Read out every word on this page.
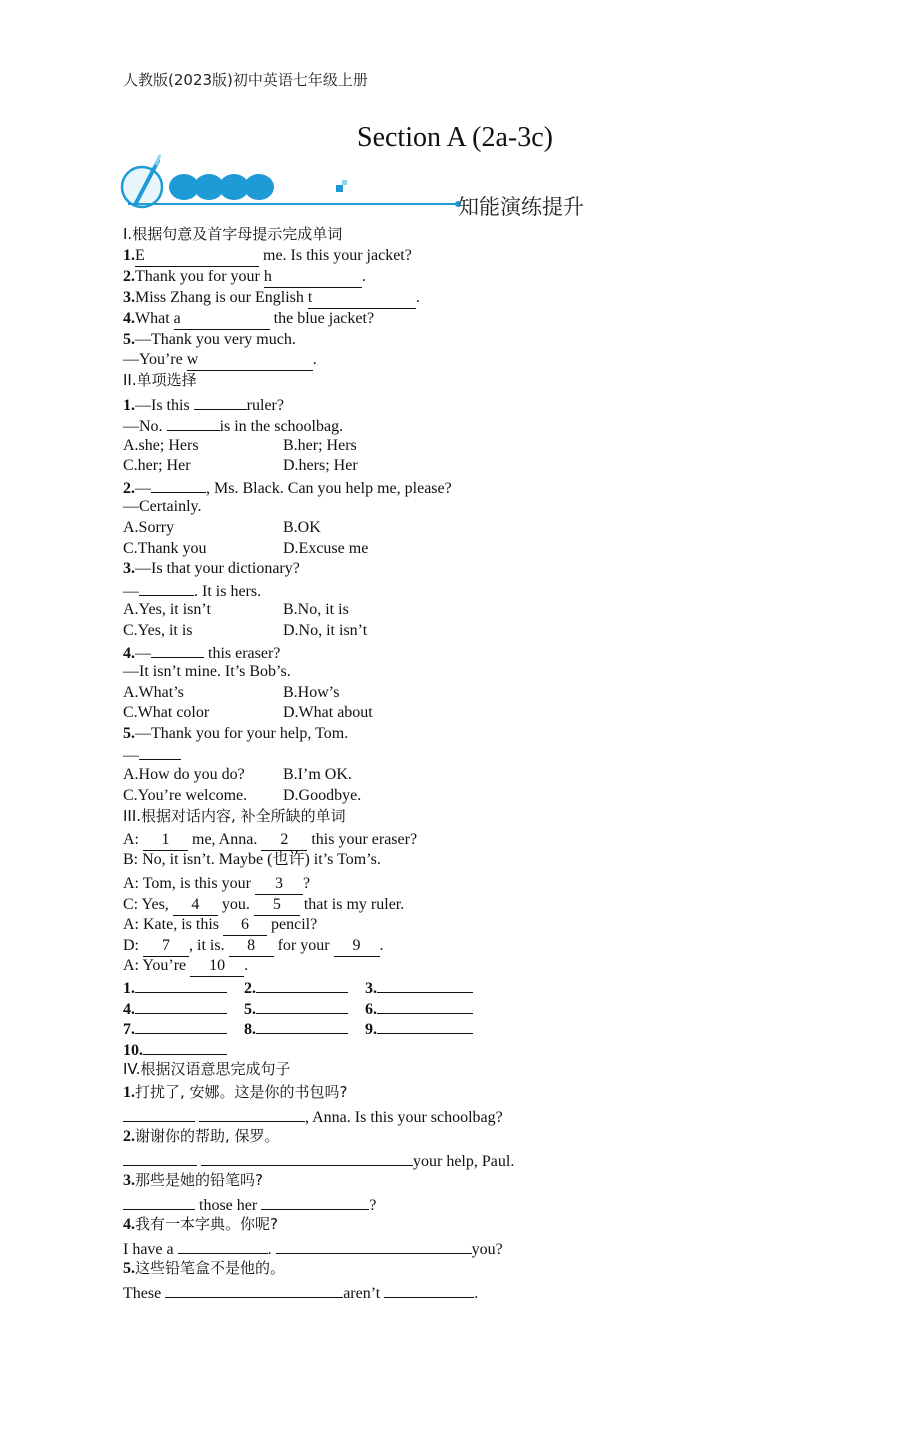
人教版(2023版)初中英语七年级上册
Section A (2a-3c)
知能演练提升
I.根据句意及首字母提示完成单词
1.E	me. Is this your jacket?
2.Thank you for your h	.
3.Miss Zhang is our English t	.
4.What a	the blue jacket?
5.—Thank you very much.
—You’re w	.
II.单项选择
1.—Is this	ruler?
—No.	is in the schoolbag.
A.she; Hers	B.her; Hers
C.her; Her	D.hers; Her
2.—	, Ms. Black. Can you help me, please?
—Certainly.
A.Sorry	B.OK
C.Thank you	D.Excuse me
3.—Is that your dictionary?
—	. It is hers.
A.Yes, it isn’t	B.No, it is
C.Yes, it is	D.No, it isn’t
4.—	this eraser?
—It isn’t mine. It’s Bob’s.
A.What’s	B.How’s
C.What color	D.What about
5.—Thank you for your help, Tom.
—
A.How do you do? B.I’m OK.
C.You’re welcome. D.Goodbye.
III.根据对话内容, 补全所缺的单词
A: 1 me, Anna. 2 this your eraser?
B: No, it isn’t. Maybe (也许) it’s Tom’s.
A: Tom, is this your 3 ?
C: Yes, 4 you. 5 that is my ruler.
A: Kate, is this 6 pencil?
D: 7 , it is. 8 for your 9 .
A: You’re 10 .
1.	2.	3.
4.	5.	6.
7.	8.	9.
10.
IV.根据汉语意思完成句子
1.打扰了, 安娜。这是你的书包吗?
, Anna. Is this your schoolbag?
2.谢谢你的帮助, 保罗。
your help, Paul.
3.那些是她的铅笔吗?
those her	?
4.我有一本字典。你呢?
I have a	.	you?
5.这些铅笔盒不是他的。
These	aren’t	.
